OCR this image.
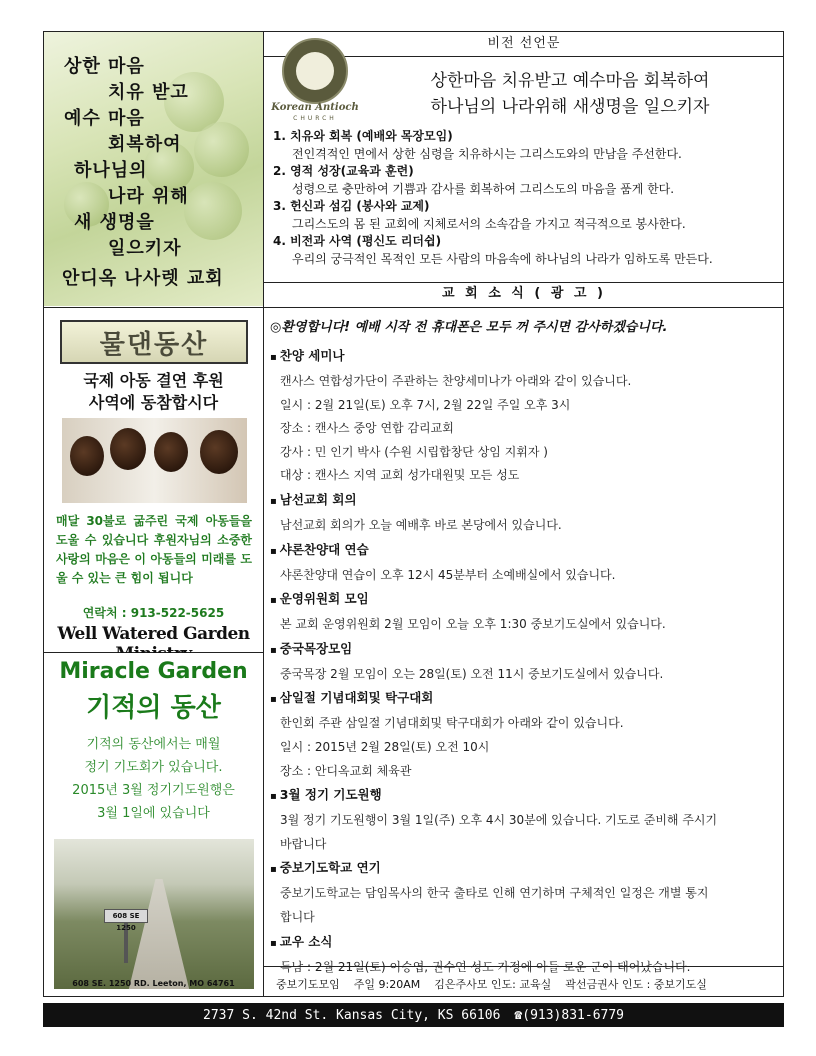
상한 마음
치유 받고
예수 마음
회복하여
하나님의
나라 위해
새 생명을
일으키자
안디옥 나사렛 교회
물댄동산
국제 아동 결연 후원
사역에 동참합시다
매달 30불로 굶주린 국제 아동들을 도울 수 있습니다 후원자님의 소중한 사랑의 마음은 이 아동들의 미래를 도울 수 있는 큰 힘이 됩니다
연락처 : 913-522-5625
Well Watered Garden
Miracle Garden
기적의 동산
기적의 동산에서는 매월
정기 기도회가 있습니다.
2015년 3월 정기기도원행은
3월 1일에 있습니다
608 SE 1250
608 SE. 1250 RD. Leeton, MO 64761
비전 선언문
Korean Antioch
CHURCH
상한마음 치유받고 예수마음 회복하여
하나님의 나라위해 새생명을 일으키자
1. 치유와 회복 (예배와 목장모임)
전인격적인 면에서 상한 심령을 치유하시는 그리스도와의 만남을 주선한다.
2. 영적 성장(교육과 훈련)
성령으로 충만하여 기쁨과 감사를 회복하여 그리스도의 마음을 품게 한다.
3. 헌신과 섬김 (봉사와 교제)
그리스도의 몸 된 교회에 지체로서의 소속감을 가지고 적극적으로 봉사한다.
4. 비전과 사역 (평신도 리더쉽)
우리의 궁극적인 목적인 모든 사람의 마음속에 하나님의 나라가 임하도록 만든다.
교 회 소 식 ( 광 고 )
◎환영합니다! 예배 시작 전 휴대폰은 모두 꺼 주시면 감사하겠습니다.
▪ 찬양 세미나
캔사스 연합성가단이 주관하는 찬양세미나가 아래와 같이 있습니다.
일시 : 2월 21일(토) 오후 7시, 2월 22일 주일 오후 3시
장소 : 캔사스 중앙 연합 감리교회
강사 : 민 인기 박사 (수원 시립합창단 상임 지휘자 )
대상 : 캔사스 지역 교회 성가대원및 모든 성도
▪ 남선교회 회의
남선교회 회의가 오늘 예배후 바로 본당에서 있습니다.
▪ 샤론찬양대 연습
샤론찬양대 연습이 오후 12시 45분부터 소예배실에서 있습니다.
▪ 운영위원회 모임
본 교회 운영위원회 2월 모임이 오늘 오후 1:30 중보기도실에서 있습니다.
▪ 중국목장모임
중국목장 2월 모임이 오는 28일(토) 오전 11시 중보기도실에서 있습니다.
▪ 삼일절 기념대회및 탁구대회
한인회 주관 삼일절 기념대회및 탁구대회가 아래와 같이 있습니다.
일시 : 2015년 2월 28일(토) 오전 10시
장소 : 안디옥교회 체육관
▪ 3월 정기 기도원행
3월 정기 기도원행이 3월 1일(주) 오후 4시 30분에 있습니다. 기도로 준비해 주시기
바랍니다
▪ 중보기도학교 연기
중보기도학교는 담임목사의 한국 출타로 인해 연기하며 구체적인 일정은 개별 통지
합니다
▪ 교우 소식
득남 : 2월 21일(토) 이승엽, 권수연 성도 가정에 아들 로운 군이 태어났습니다.
중보기도모임 주일 9:20AM 김은주사모 인도: 교육실 곽선금권사 인도 : 중보기도실
2737 S. 42nd St. Kansas City, KS 66106 ☎(913)831-6779
